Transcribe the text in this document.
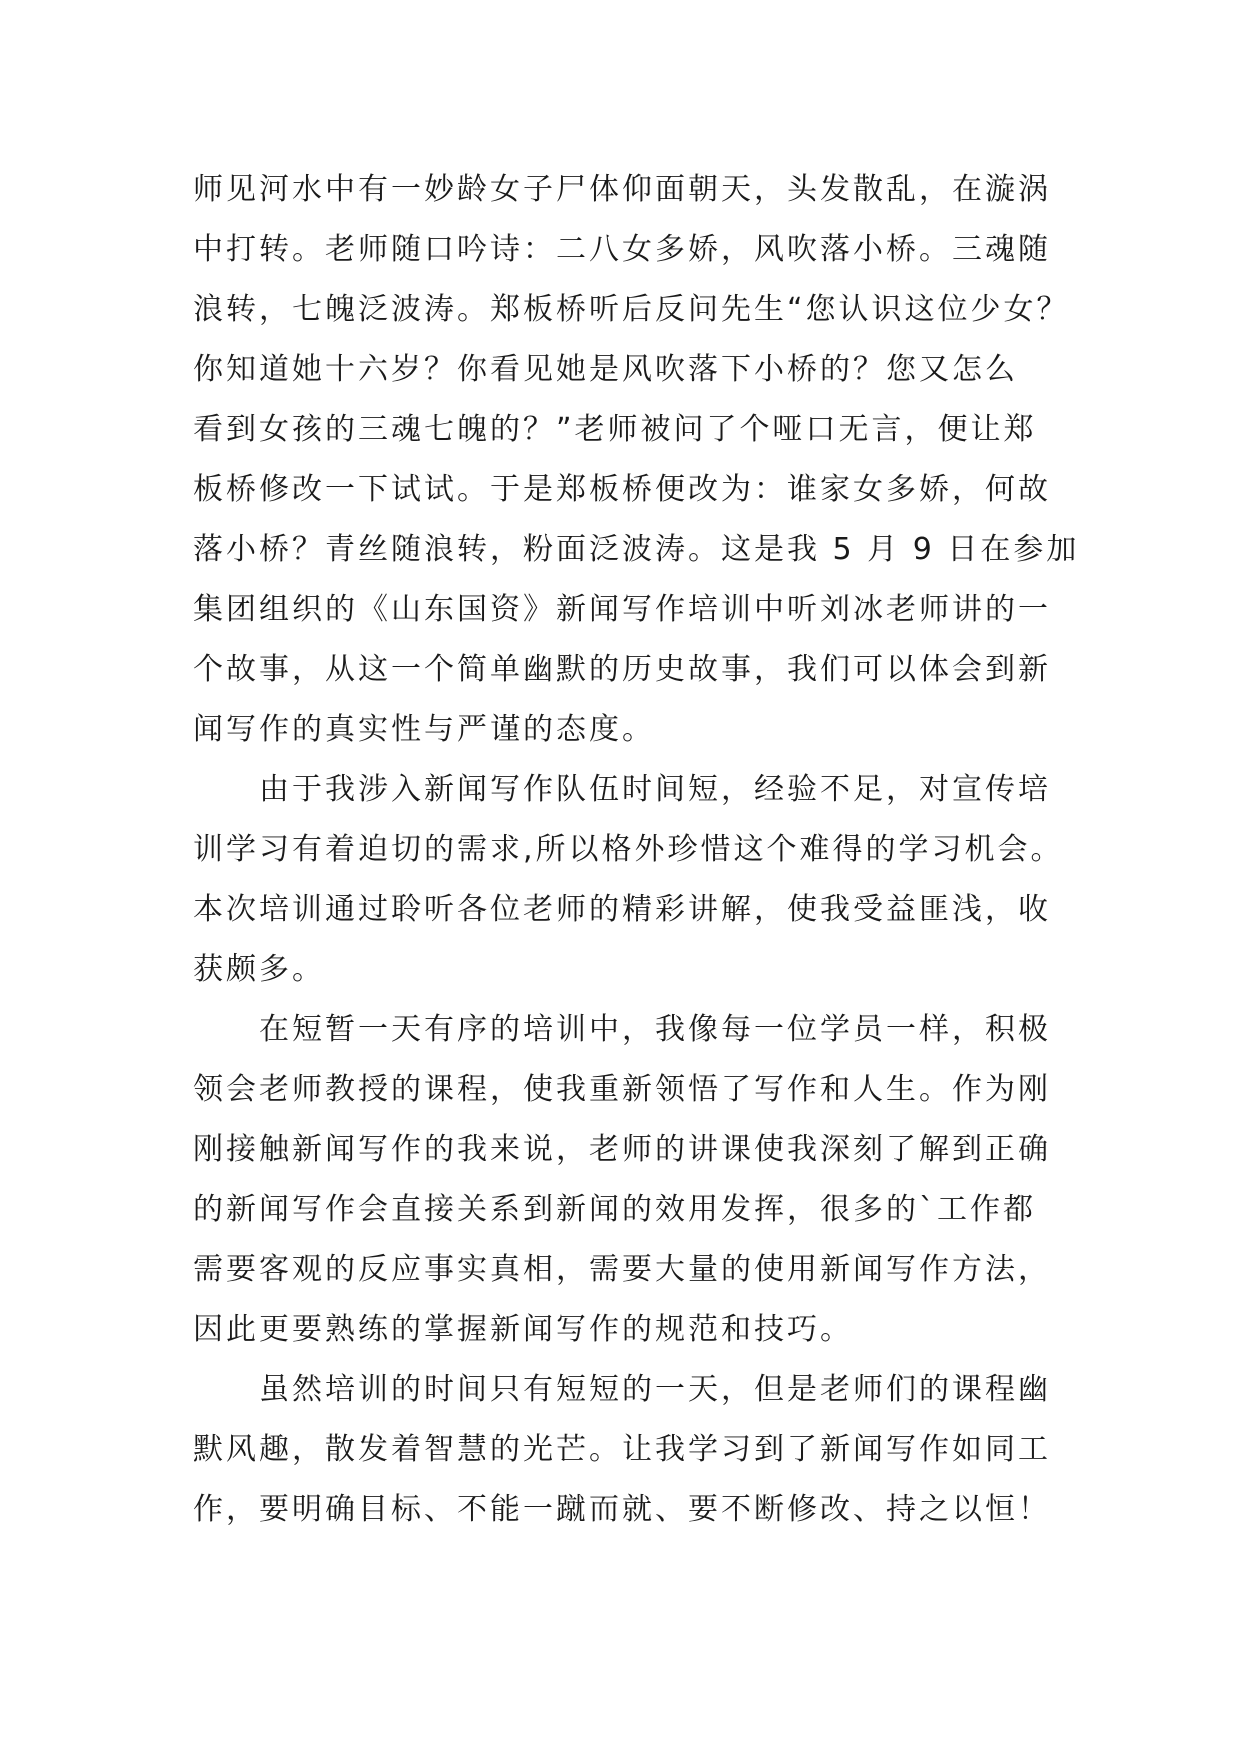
师见河水中有一妙龄女子尸体仰面朝天，头发散乱，在漩涡
中打转。老师随口吟诗：二八女多娇，风吹落小桥。三魂随
浪转，七魄泛波涛。郑板桥听后反问先生“您认识这位少女？
你知道她十六岁？你看见她是风吹落下小桥的？您又怎么
看到女孩的三魂七魄的？”老师被问了个哑口无言，便让郑
板桥修改一下试试。于是郑板桥便改为：谁家女多娇，何故
落小桥？青丝随浪转，粉面泛波涛。这是我 5 月 9 日在参加
集团组织的《山东国资》新闻写作培训中听刘冰老师讲的一
个故事，从这一个简单幽默的历史故事，我们可以体会到新
闻写作的真实性与严谨的态度。
由于我涉入新闻写作队伍时间短，经验不足，对宣传培
训学习有着迫切的需求,所以格外珍惜这个难得的学习机会。
本次培训通过聆听各位老师的精彩讲解，使我受益匪浅，收
获颇多。
在短暂一天有序的培训中，我像每一位学员一样，积极
领会老师教授的课程，使我重新领悟了写作和人生。作为刚
刚接触新闻写作的我来说，老师的讲课使我深刻了解到正确
的新闻写作会直接关系到新闻的效用发挥，很多的`工作都
需要客观的反应事实真相，需要大量的使用新闻写作方法，
因此更要熟练的掌握新闻写作的规范和技巧。
虽然培训的时间只有短短的一天，但是老师们的课程幽
默风趣，散发着智慧的光芒。让我学习到了新闻写作如同工
作，要明确目标、不能一蹴而就、要不断修改、持之以恒！
